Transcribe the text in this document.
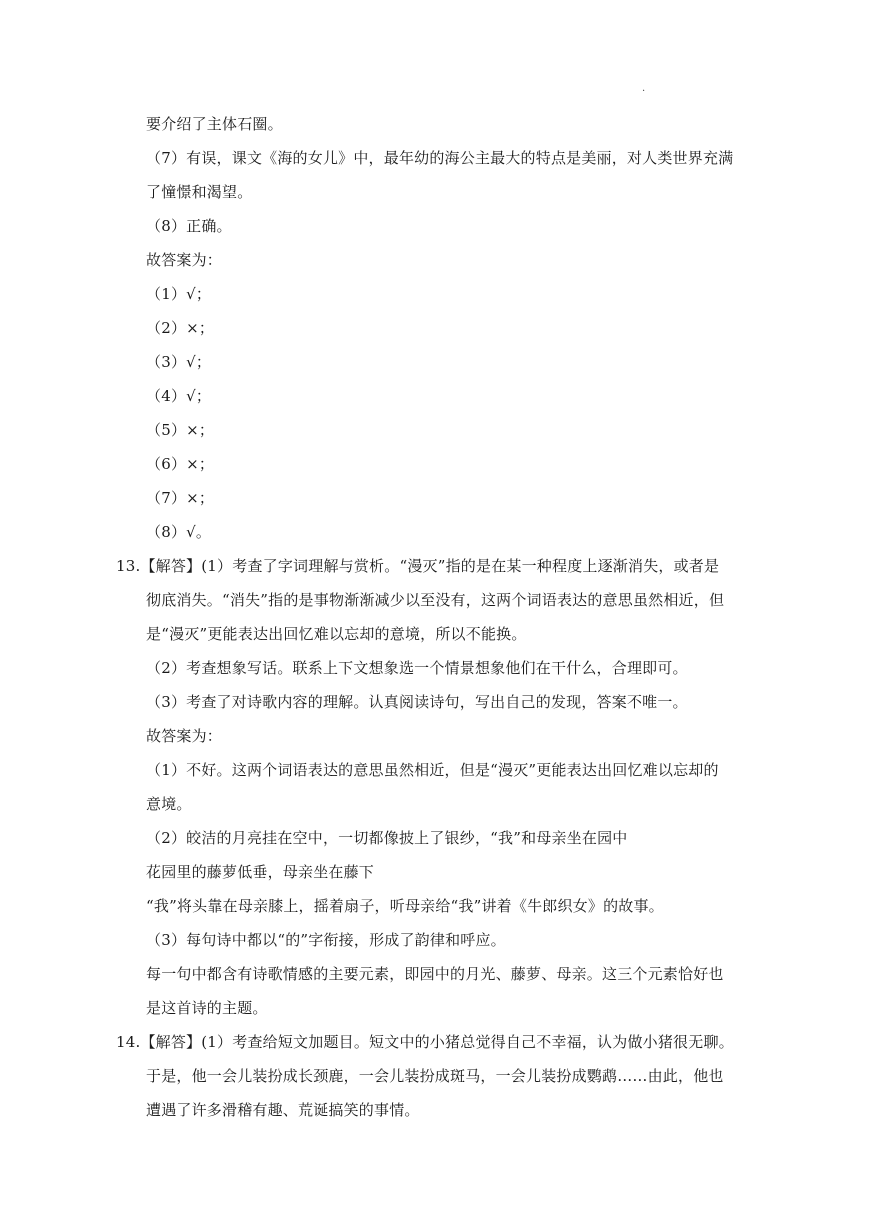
.
要介绍了主体石圈。
（7）有误，课文《海的女儿》中，最年幼的海公主最大的特点是美丽，对人类世界充满
了憧憬和渴望。
（8）正确。
故答案为：
（1）√；
（2）×；
（3）√；
（4）√；
（5）×；
（6）×；
（7）×；
（8）√。
13.【解答】(1）考查了字词理解与赏析。“漫灭”指的是在某一种程度上逐渐消失，或者是
彻底消失。“消失”指的是事物渐渐减少以至没有，这两个词语表达的意思虽然相近，但
是“漫灭”更能表达出回忆难以忘却的意境，所以不能换。
（2）考查想象写话。联系上下文想象选一个情景想象他们在干什么，合理即可。
（3）考查了对诗歌内容的理解。认真阅读诗句，写出自己的发现，答案不唯一。
故答案为：
（1）不好。这两个词语表达的意思虽然相近，但是“漫灭”更能表达出回忆难以忘却的
意境。
（2）皎洁的月亮挂在空中，一切都像披上了银纱，“我”和母亲坐在园中
花园里的藤萝低垂，母亲坐在藤下
“我”将头靠在母亲膝上，摇着扇子，听母亲给“我”讲着《牛郎织女》的故事。
（3）每句诗中都以“的”字衔接，形成了韵律和呼应。
每一句中都含有诗歌情感的主要元素，即园中的月光、藤萝、母亲。这三个元素恰好也
是这首诗的主题。
14.【解答】(1）考查给短文加题目。短文中的小猪总觉得自己不幸福，认为做小猪很无聊。
于是，他一会儿装扮成长颈鹿，一会儿装扮成斑马，一会儿装扮成鹦鹉……由此，他也
遭遇了许多滑稽有趣、荒诞搞笑的事情。
